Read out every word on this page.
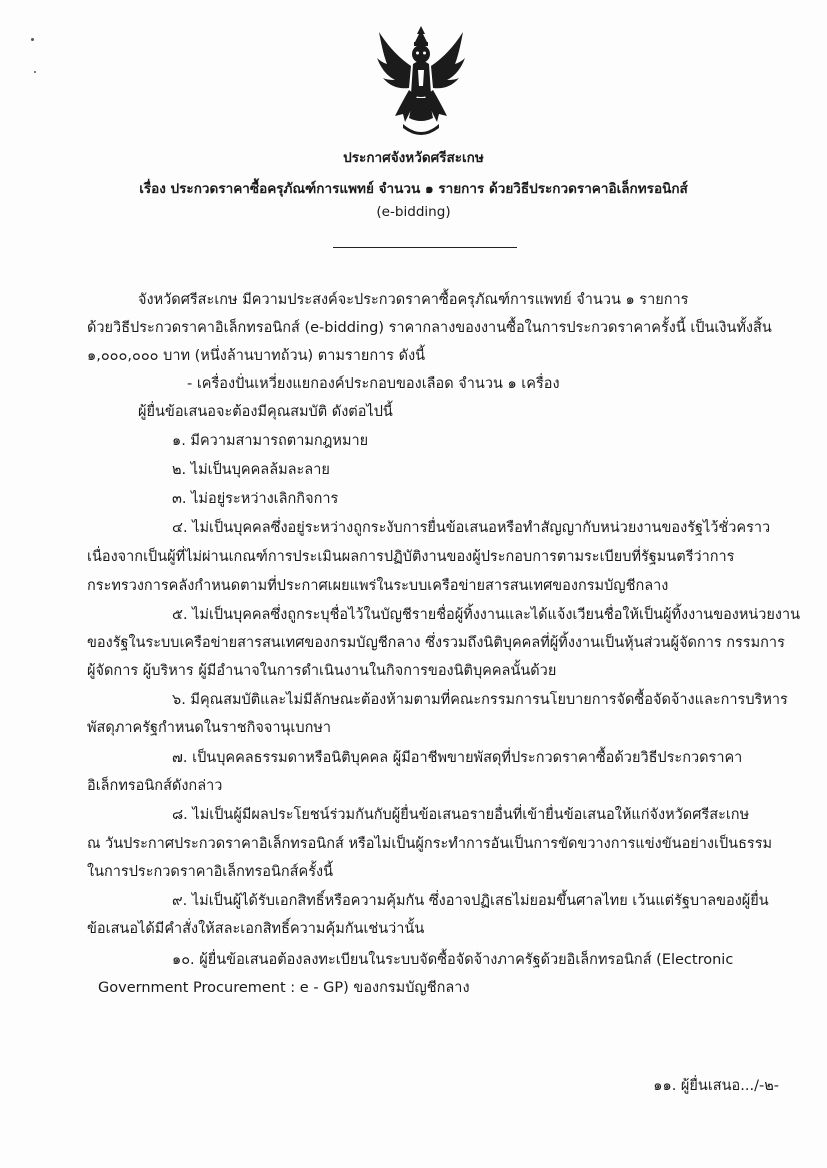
ประกาศจังหวัดศรีสะเกษ
เรื่อง ประกวดราคาซื้อครุภัณฑ์การแพทย์ จำนวน ๑ รายการ ด้วยวิธีประกวดราคาอิเล็กทรอนิกส์
(e-bidding)
จังหวัดศรีสะเกษ มีความประสงค์จะประกวดราคาซื้อครุภัณฑ์การแพทย์ จำนวน ๑ รายการ
ด้วยวิธีประกวดราคาอิเล็กทรอนิกส์ (e-bidding) ราคากลางของงานซื้อในการประกวดราคาครั้งนี้ เป็นเงินทั้งสิ้น
๑,๐๐๐,๐๐๐ บาท (หนึ่งล้านบาทถ้วน) ตามรายการ ดังนี้
- เครื่องปั่นเหวี่ยงแยกองค์ประกอบของเลือด จำนวน ๑ เครื่อง
ผู้ยื่นข้อเสนอจะต้องมีคุณสมบัติ ดังต่อไปนี้
๑. มีความสามารถตามกฎหมาย
๒. ไม่เป็นบุคคลล้มละลาย
๓. ไม่อยู่ระหว่างเลิกกิจการ
๔. ไม่เป็นบุคคลซึ่งอยู่ระหว่างถูกระงับการยื่นข้อเสนอหรือทำสัญญากับหน่วยงานของรัฐไว้ชั่วคราว
เนื่องจากเป็นผู้ที่ไม่ผ่านเกณฑ์การประเมินผลการปฏิบัติงานของผู้ประกอบการตามระเบียบที่รัฐมนตรีว่าการ
กระทรวงการคลังกำหนดตามที่ประกาศเผยแพร่ในระบบเครือข่ายสารสนเทศของกรมบัญชีกลาง
๕. ไม่เป็นบุคคลซึ่งถูกระบุชื่อไว้ในบัญชีรายชื่อผู้ทิ้งงานและได้แจ้งเวียนชื่อให้เป็นผู้ทิ้งงานของหน่วยงาน
ของรัฐในระบบเครือข่ายสารสนเทศของกรมบัญชีกลาง ซึ่งรวมถึงนิติบุคคลที่ผู้ทิ้งงานเป็นหุ้นส่วนผู้จัดการ กรรมการ
ผู้จัดการ ผู้บริหาร ผู้มีอำนาจในการดำเนินงานในกิจการของนิติบุคคลนั้นด้วย
๖. มีคุณสมบัติและไม่มีลักษณะต้องห้ามตามที่คณะกรรมการนโยบายการจัดซื้อจัดจ้างและการบริหาร
พัสดุภาครัฐกำหนดในราชกิจจานุเบกษา
๗. เป็นบุคคลธรรมดาหรือนิติบุคคล ผู้มีอาชีพขายพัสดุที่ประกวดราคาซื้อด้วยวิธีประกวดราคา
อิเล็กทรอนิกส์ดังกล่าว
๘. ไม่เป็นผู้มีผลประโยชน์ร่วมกันกับผู้ยื่นข้อเสนอรายอื่นที่เข้ายื่นข้อเสนอให้แก่จังหวัดศรีสะเกษ
ณ วันประกาศประกวดราคาอิเล็กทรอนิกส์ หรือไม่เป็นผู้กระทำการอันเป็นการขัดขวางการแข่งขันอย่างเป็นธรรม
ในการประกวดราคาอิเล็กทรอนิกส์ครั้งนี้
๙. ไม่เป็นผู้ได้รับเอกสิทธิ์หรือความคุ้มกัน ซึ่งอาจปฏิเสธไม่ยอมขึ้นศาลไทย เว้นแต่รัฐบาลของผู้ยื่น
ข้อเสนอได้มีคำสั่งให้สละเอกสิทธิ์ความคุ้มกันเช่นว่านั้น
๑๐. ผู้ยื่นข้อเสนอต้องลงทะเบียนในระบบจัดซื้อจัดจ้างภาครัฐด้วยอิเล็กทรอนิกส์ (Electronic
Government Procurement : e - GP) ของกรมบัญชีกลาง
๑๑. ผู้ยื่นเสนอ.../-๒-
